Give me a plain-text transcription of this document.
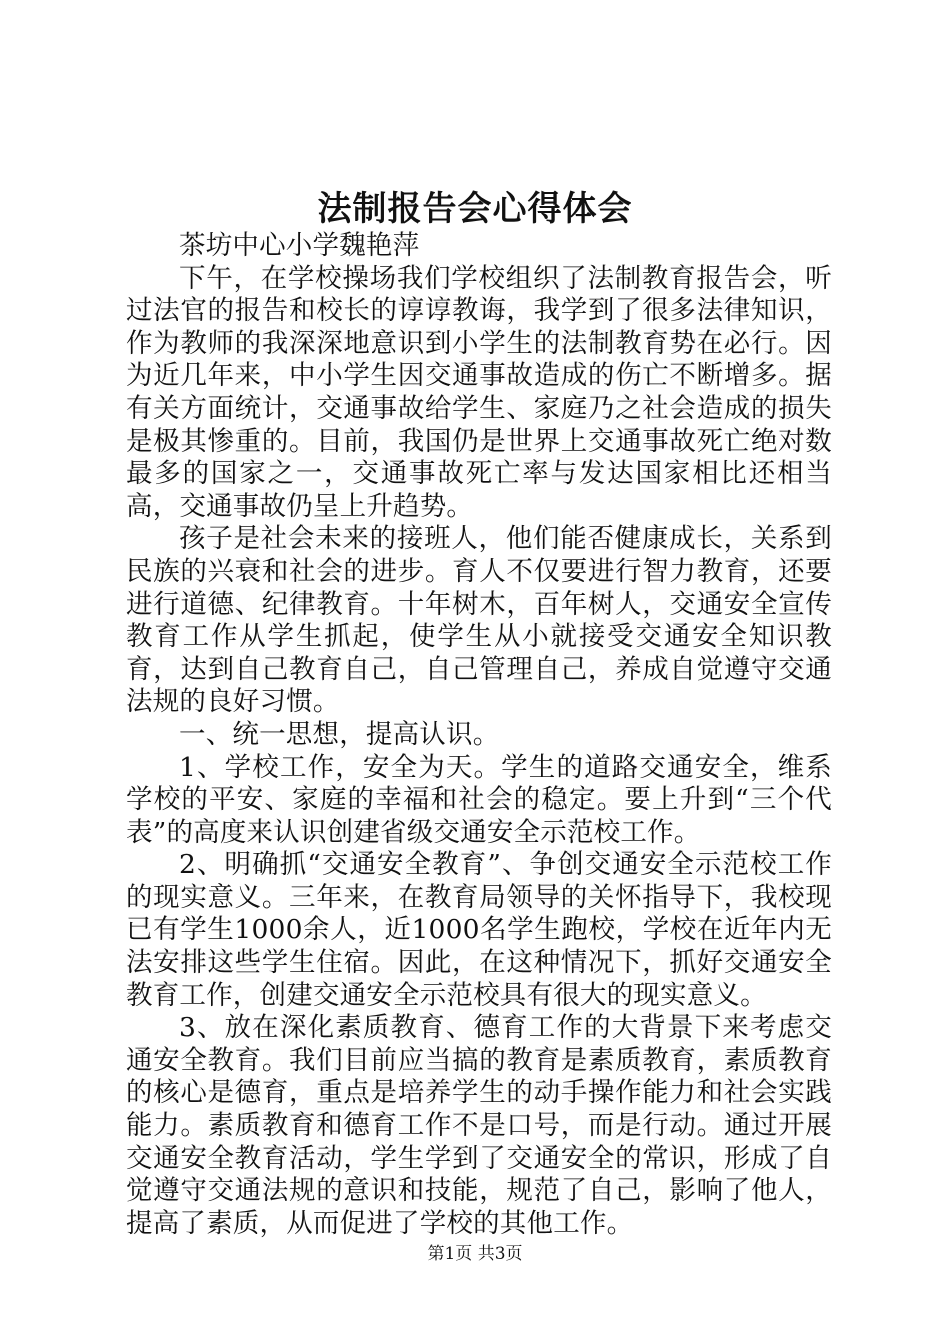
法制报告会心得体会

茶坊中心小学魏艳萍

下午，在学校操场我们学校组织了法制教育报告会，听过法官的报告和校长的谆谆教诲，我学到了很多法律知识，作为教师的我深深地意识到小学生的法制教育势在必行。因为近几年来，中小学生因交通事故造成的伤亡不断增多。据有关方面统计，交通事故给学生、家庭乃之社会造成的损失是极其惨重的。目前，我国仍是世界上交通事故死亡绝对数最多的国家之一，交通事故死亡率与发达国家相比还相当高，交通事故仍呈上升趋势。

孩子是社会未来的接班人，他们能否健康成长，关系到民族的兴衰和社会的进步。育人不仅要进行智力教育，还要进行道德、纪律教育。十年树木，百年树人，交通安全宣传教育工作从学生抓起，使学生从小就接受交通安全知识教育，达到自己教育自己，自己管理自己，养成自觉遵守交通法规的良好习惯。

一、统一思想，提高认识。

1、学校工作，安全为天。学生的道路交通安全，维系学校的平安、家庭的幸福和社会的稳定。要上升到“三个代表”的高度来认识创建省级交通安全示范校工作。

2、明确抓“交通安全教育”、争创交通安全示范校工作的现实意义。三年来，在教育局领导的关怀指导下，我校现已有学生1000余人，近1000名学生跑校，学校在近年内无法安排这些学生住宿。因此，在这种情况下，抓好交通安全教育工作，创建交通安全示范校具有很大的现实意义。

3、放在深化素质教育、德育工作的大背景下来考虑交通安全教育。我们目前应当搞的教育是素质教育，素质教育的核心是德育，重点是培养学生的动手操作能力和社会实践能力。素质教育和德育工作不是口号，而是行动。通过开展交通安全教育活动，学生学到了交通安全的常识，形成了自觉遵守交通法规的意识和技能，规范了自己，影响了他人，提高了素质，从而促进了学校的其他工作。

第1页 共3页
